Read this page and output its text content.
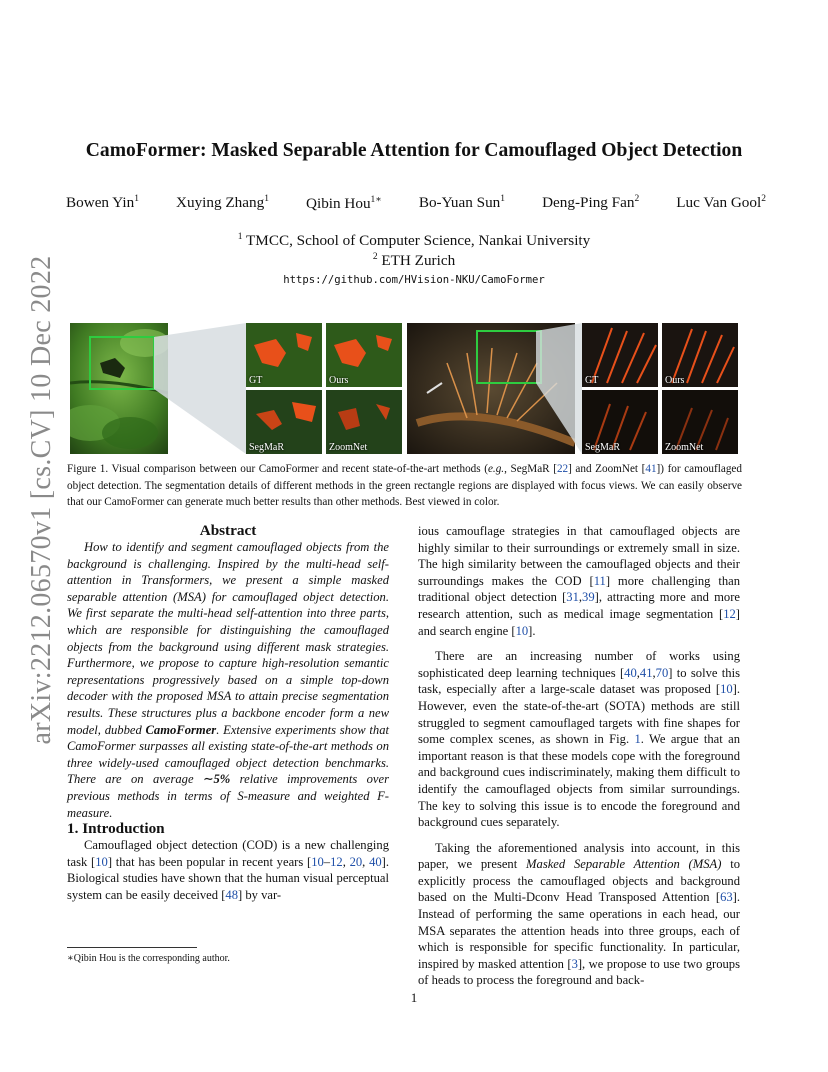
arXiv:2212.06570v1 [cs.CV] 10 Dec 2022
CamoFormer: Masked Separable Attention for Camouflaged Object Detection
Bowen Yin$^1$ Xuying Zhang$^1$ Qibin Hou$^{1∗}$ Bo-Yuan Sun$^1$ Deng-Ping Fan$^2$ Luc Van Gool$^2$
$^1$ TMCC, School of Computer Science, Nankai University
$^2$ ETH Zurich
https://github.com/HVision-NKU/CamoFormer
GT	Ours
SegMaR	ZoomNet
GT	Ours
SegMaR	ZoomNet
Figure 1. Visual comparison between our CamoFormer and recent state-of-the-art methods (e.g., SegMaR [22] and ZoomNet [41]) for camouflaged object detection. The segmentation details of different methods in the green rectangle regions are displayed with focus views. We can easily observe that our CamoFormer can generate much better results than other methods. Best viewed in color.

Abstract

How to identify and segment camouflaged objects from the background is challenging. Inspired by the multi-head self-attention in Transformers, we present a simple masked separable attention (MSA) for camouflaged object detection. We first separate the multi-head self-attention into three parts, which are responsible for distinguishing the camouflaged objects from the background using different mask strategies. Furthermore, we propose to capture high-resolution semantic representations progressively based on a simple top-down decoder with the proposed MSA to attain precise segmentation results. These structures plus a backbone encoder form a new model, dubbed CamoFormer. Extensive experiments show that CamoFormer surpasses all existing state-of-the-art methods on three widely-used camouflaged object detection benchmarks. There are on average ∼5% relative improvements over previous methods in terms of S-measure and weighted F-measure.

1. Introduction

Camouflaged object detection (COD) is a new challenging task [10] that has been popular in recent years [10–12, 20, 40]. Biological studies have shown that the human visual perceptual system can be easily deceived [48] by var-

ious camouflage strategies in that camouflaged objects are highly similar to their surroundings or extremely small in size. The high similarity between the camouflaged objects and their surroundings makes the COD [11] more challenging than traditional object detection [31,39], attracting more and more research attention, such as medical image segmentation [12] and search engine [10].

There are an increasing number of works using sophisticated deep learning techniques [40,41,70] to solve this task, especially after a large-scale dataset was proposed [10]. However, even the state-of-the-art (SOTA) methods are still struggled to segment camouflaged targets with fine shapes for some complex scenes, as shown in Fig. 1. We argue that an important reason is that these models cope with the foreground and background cues indiscriminately, making them difficult to identify the camouflaged objects from similar surroundings. The key to solving this issue is to encode the foreground and background cues separately.

Taking the aforementioned analysis into account, in this paper, we present Masked Separable Attention (MSA) to explicitly process the camouflaged objects and background based on the Multi-Dconv Head Transposed Attention [63]. Instead of performing the same operations in each head, our MSA separates the attention heads into three groups, each of which is responsible for specific functionality. In particular, inspired by masked attention [3], we propose to use two groups of heads to process the foreground and back-

∗Qibin Hou is the corresponding author.
1
